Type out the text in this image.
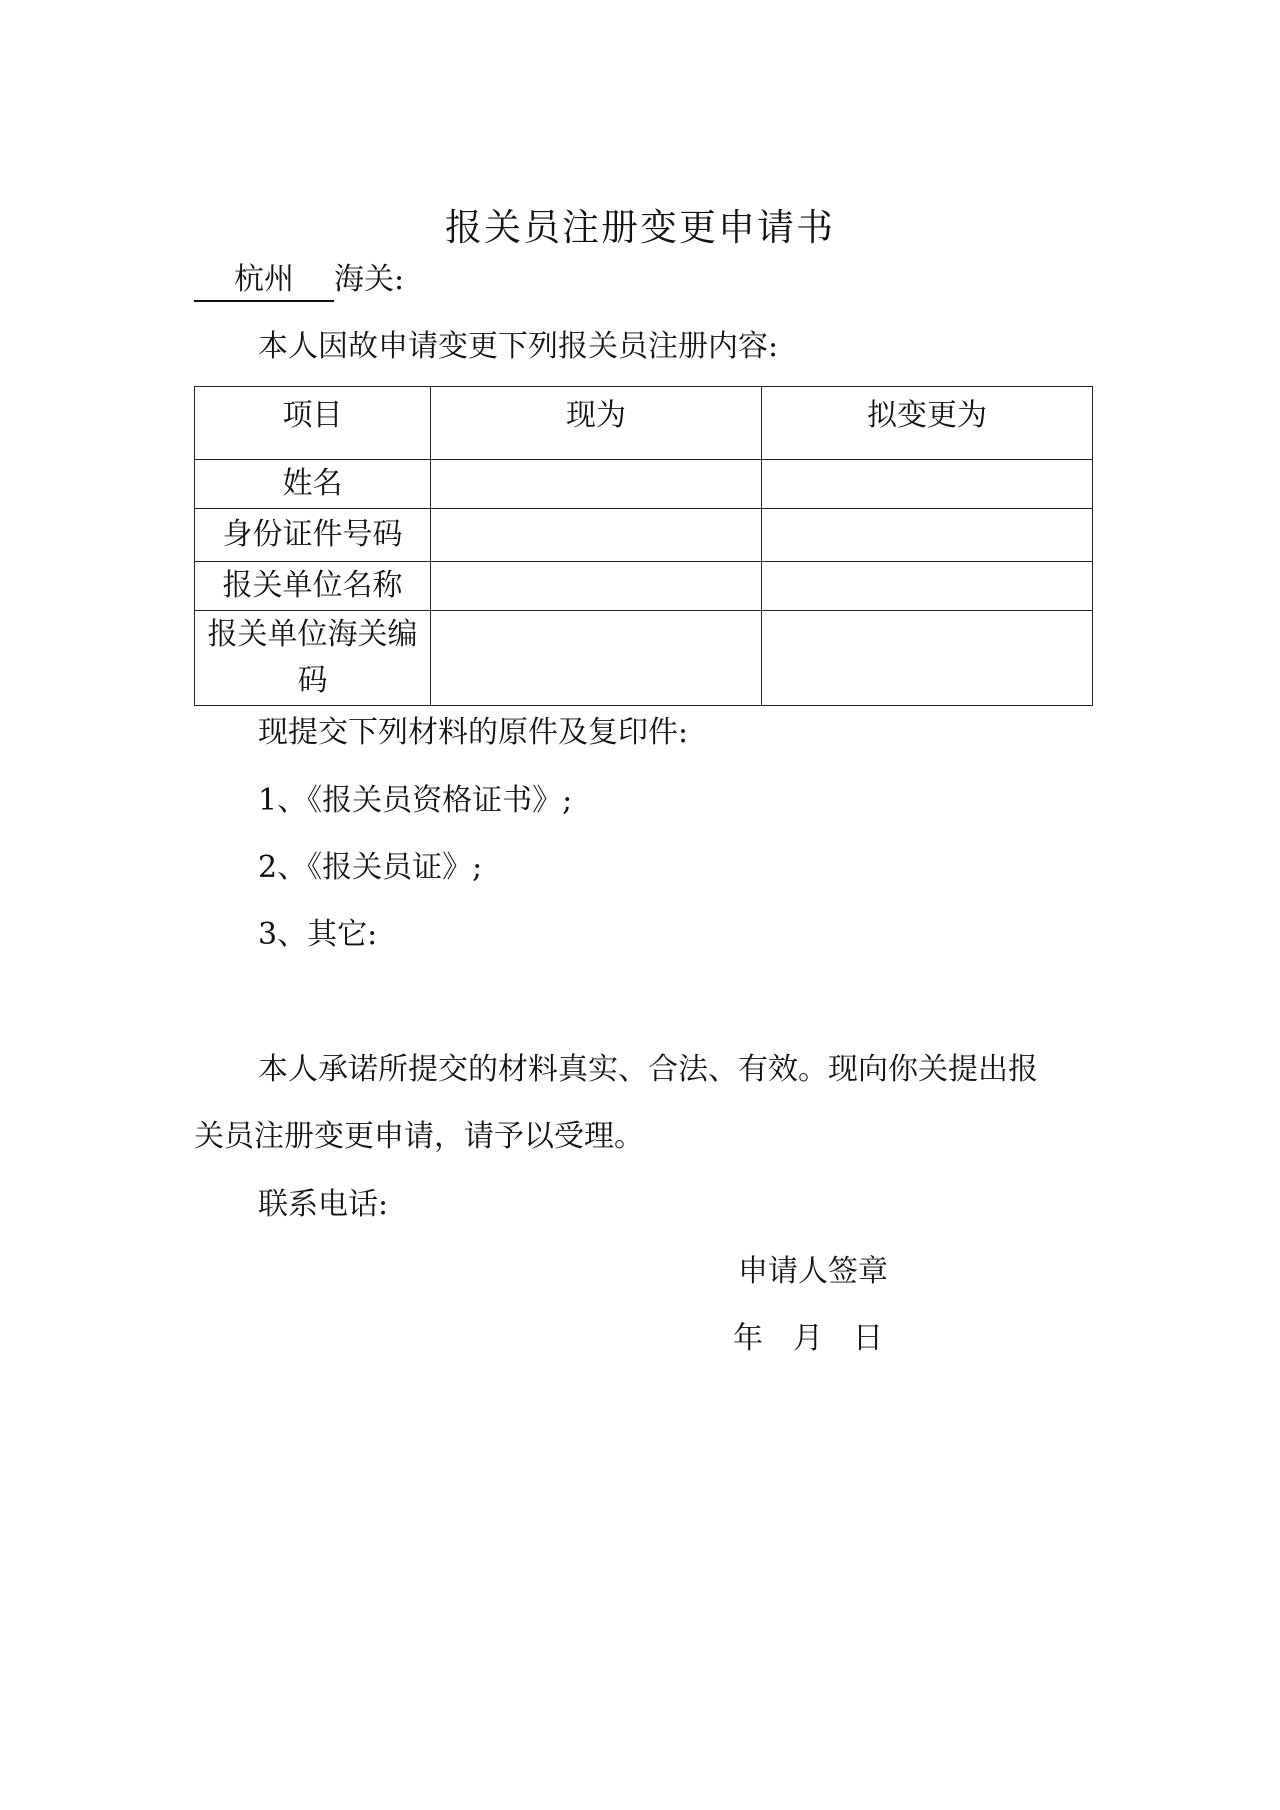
报关员注册变更申请书
杭州 海关:
本人因故申请变更下列报关员注册内容:
项目	现为	拟变更为
姓名		
身份证件号码		
报关单位名称		
报关单位海关编码		
现提交下列材料的原件及复印件:
1、《报关员资格证书》;
2、《报关员证》;
3、其它:
本人承诺所提交的材料真实、合法、有效。现向你关提出报
关员注册变更申请，请予以受理。
联系电话:
申请人签章
年　月　日
